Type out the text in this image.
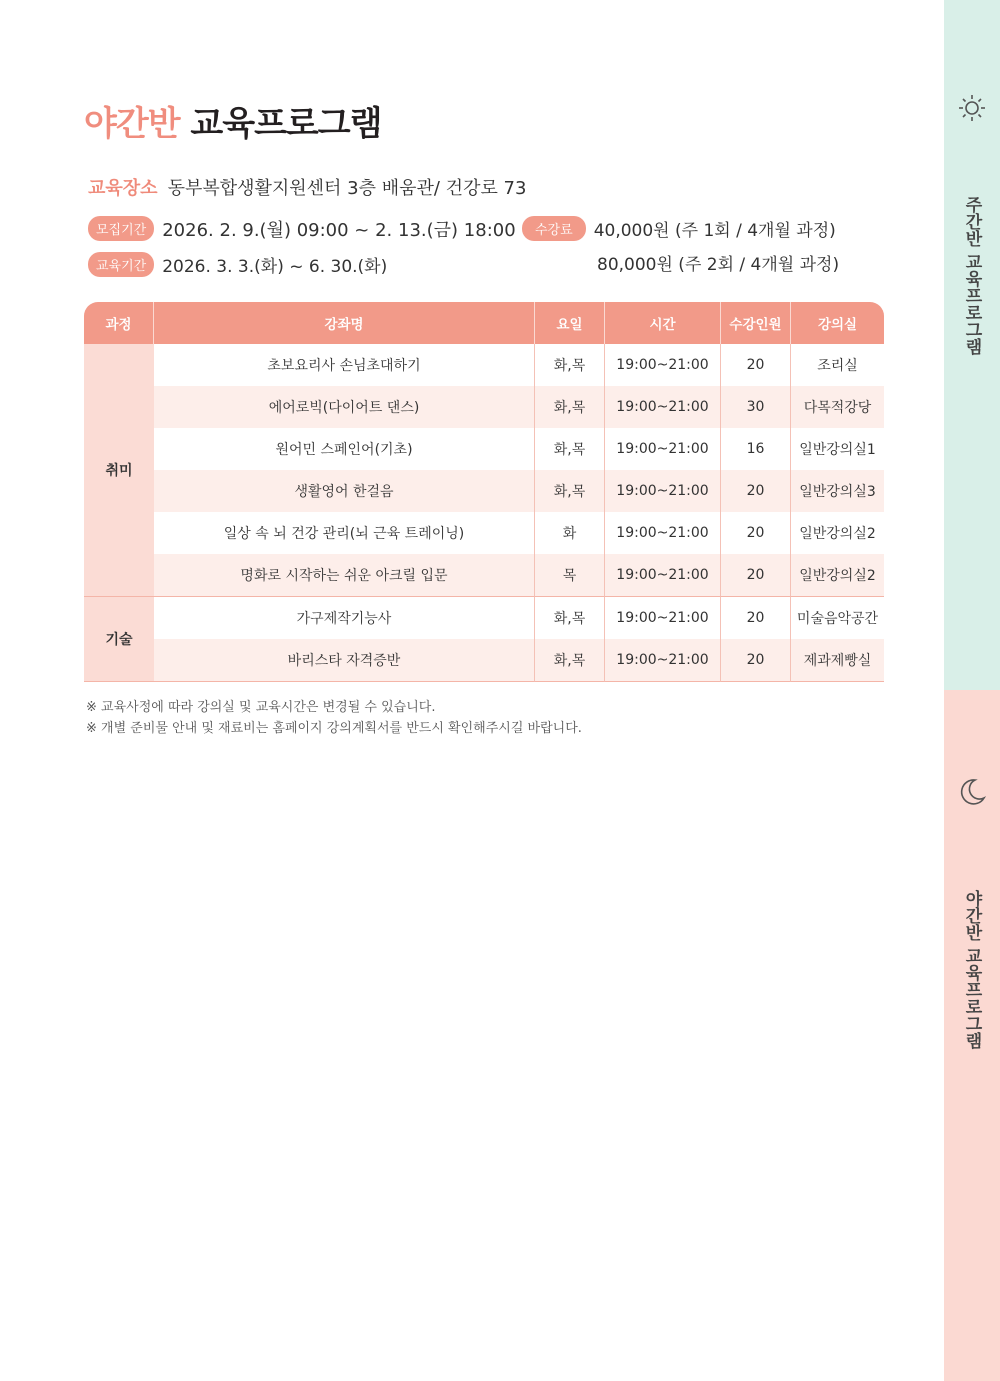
야간반 교육프로그램
교육장소 동부복합생활지원센터 3층 배움관/ 건강로 73
모집기간 2026. 2. 9.(월) 09:00 ~ 2. 13.(금) 18:00
교육기간 2026. 3. 3.(화) ~ 6. 30.(화)
수강료 40,000원 (주 1회 / 4개월 과정)
80,000원 (주 2회 / 4개월 과정)
과정	강좌명	요일	시간	수강인원	강의실
취미	초보요리사 손님초대하기	화,목	19:00~21:00	20	조리실
	에어로빅(다이어트 댄스)	화,목	19:00~21:00	30	다목적강당
	원어민 스페인어(기초)	화,목	19:00~21:00	16	일반강의실1
	생활영어 한걸음	화,목	19:00~21:00	20	일반강의실3
	일상 속 뇌 건강 관리(뇌 근육 트레이닝)	화	19:00~21:00	20	일반강의실2
	명화로 시작하는 쉬운 아크릴 입문	목	19:00~21:00	20	일반강의실2
기술	가구제작기능사	화,목	19:00~21:00	20	미술음악공간
	바리스타 자격증반	화,목	19:00~21:00	20	제과제빵실
※ 교육사정에 따라 강의실 및 교육시간은 변경될 수 있습니다.
※ 개별 준비물 안내 및 재료비는 홈페이지 강의계획서를 반드시 확인해주시길 바랍니다.
주간반 교육프로그램
야간반 교육프로그램
